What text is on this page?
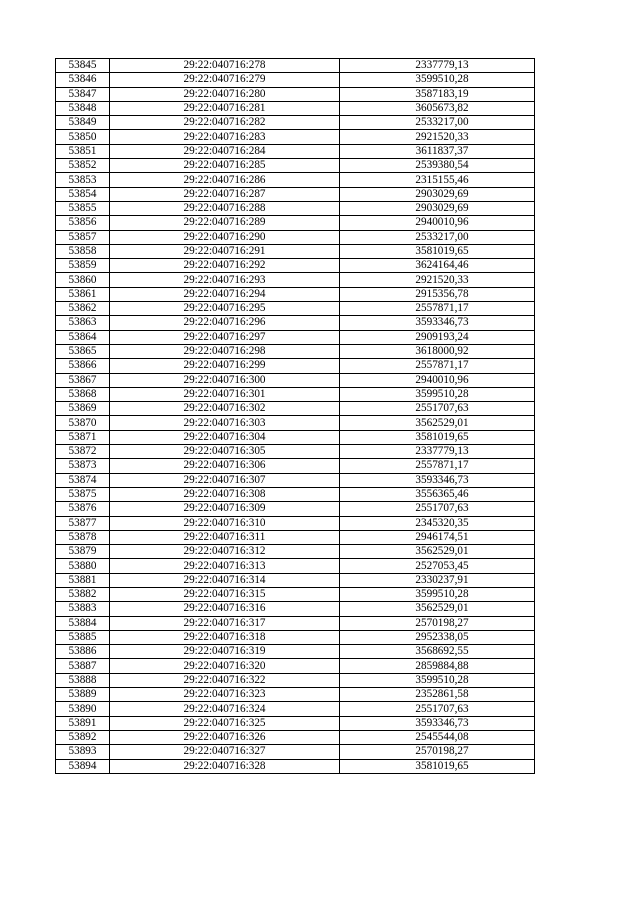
53845	29:22:040716:278	2337779,13
53846	29:22:040716:279	3599510,28
53847	29:22:040716:280	3587183,19
53848	29:22:040716:281	3605673,82
53849	29:22:040716:282	2533217,00
53850	29:22:040716:283	2921520,33
53851	29:22:040716:284	3611837,37
53852	29:22:040716:285	2539380,54
53853	29:22:040716:286	2315155,46
53854	29:22:040716:287	2903029,69
53855	29:22:040716:288	2903029,69
53856	29:22:040716:289	2940010,96
53857	29:22:040716:290	2533217,00
53858	29:22:040716:291	3581019,65
53859	29:22:040716:292	3624164,46
53860	29:22:040716:293	2921520,33
53861	29:22:040716:294	2915356,78
53862	29:22:040716:295	2557871,17
53863	29:22:040716:296	3593346,73
53864	29:22:040716:297	2909193,24
53865	29:22:040716:298	3618000,92
53866	29:22:040716:299	2557871,17
53867	29:22:040716:300	2940010,96
53868	29:22:040716:301	3599510,28
53869	29:22:040716:302	2551707,63
53870	29:22:040716:303	3562529,01
53871	29:22:040716:304	3581019,65
53872	29:22:040716:305	2337779,13
53873	29:22:040716:306	2557871,17
53874	29:22:040716:307	3593346,73
53875	29:22:040716:308	3556365,46
53876	29:22:040716:309	2551707,63
53877	29:22:040716:310	2345320,35
53878	29:22:040716:311	2946174,51
53879	29:22:040716:312	3562529,01
53880	29:22:040716:313	2527053,45
53881	29:22:040716:314	2330237,91
53882	29:22:040716:315	3599510,28
53883	29:22:040716:316	3562529,01
53884	29:22:040716:317	2570198,27
53885	29:22:040716:318	2952338,05
53886	29:22:040716:319	3568692,55
53887	29:22:040716:320	2859884,88
53888	29:22:040716:322	3599510,28
53889	29:22:040716:323	2352861,58
53890	29:22:040716:324	2551707,63
53891	29:22:040716:325	3593346,73
53892	29:22:040716:326	2545544,08
53893	29:22:040716:327	2570198,27
53894	29:22:040716:328	3581019,65
